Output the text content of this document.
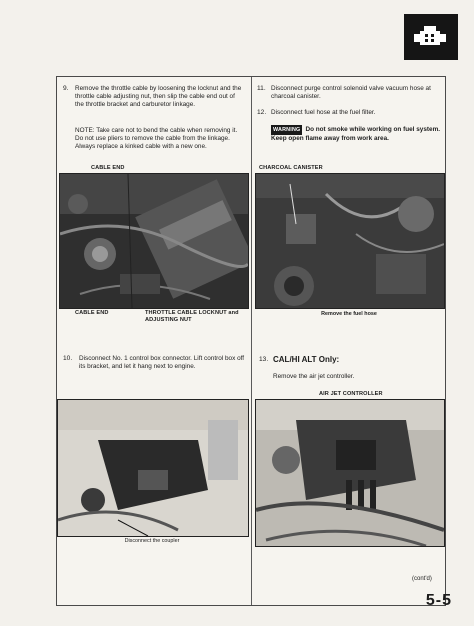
9. Remove the throttle cable by loosening the locknut and the throttle cable adjusting nut, then slip the cable end out of the throttle bracket and carburetor linkage.
NOTE: Take care not to bend the cable when removing it. Do not use pliers to remove the cable from the linkage. Always replace a kinked cable with a new one.
CABLE END
CABLE END	THROTTLE CABLE LOCKNUT and ADJUSTING NUT
10. Disconnect No. 1 control box connector. Lift control box off its bracket, and let it hang next to engine.
Disconnect the coupler
11. Disconnect purge control solenoid valve vacuum hose at charcoal canister.
12. Disconnect fuel hose at the fuel filter.
WARNING Do not smoke while working on fuel system. Keep open flame away from work area.
CHARCOAL CANISTER
Remove the fuel hose
13. CAL/HI ALT Only:
Remove the air jet controller.
AIR JET CONTROLLER
(cont'd)
5-5
